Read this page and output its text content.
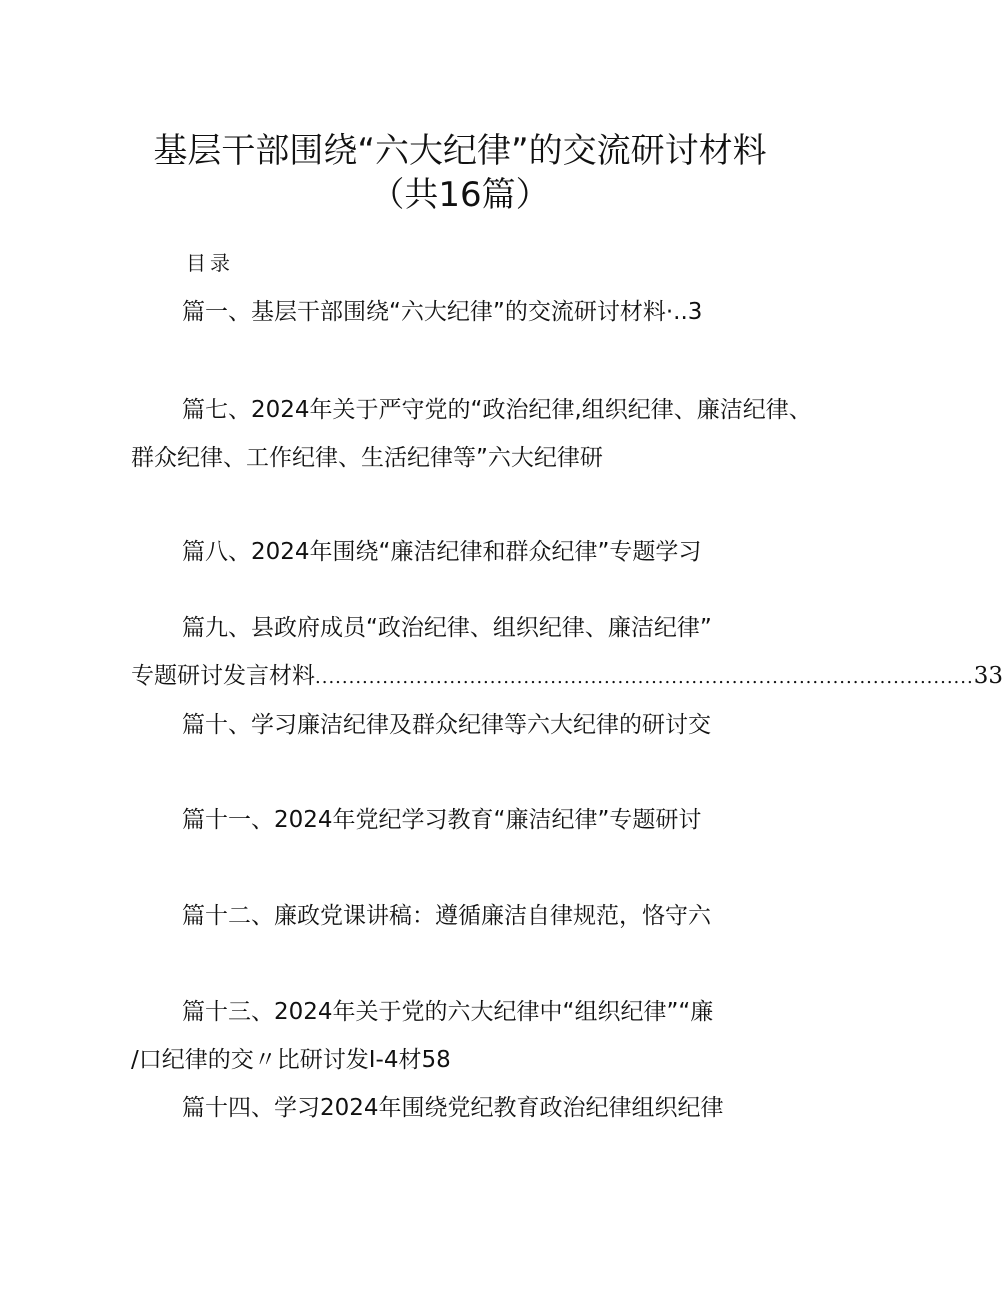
基层干部围绕“六大纪律”的交流研讨材料
（共16篇）
目录
篇一、基层干部围绕“六大纪律”的交流研讨材料·..3
篇七、2024年关于严守党的“政治纪律,组织纪律、廉洁纪律、
群众纪律、工作纪律、生活纪律等”六大纪律研
篇八、2024年围绕“廉洁纪律和群众纪律”专题学习
篇九、县政府成员“政治纪律、组织纪律、廉洁纪律”
专题研讨发言材料 .................................................................................................. 33
篇十、学习廉洁纪律及群众纪律等六大纪律的研讨交
篇十一、2024年党纪学习教育“廉洁纪律”专题研讨
篇十二、廉政党课讲稿：遵循廉洁自律规范，恪守六
篇十三、2024年关于党的六大纪律中“组织纪律”“廉
/口纪律的交〃比研讨发I-4材58
篇十四、学习2024年围绕党纪教育政治纪律组织纪律
